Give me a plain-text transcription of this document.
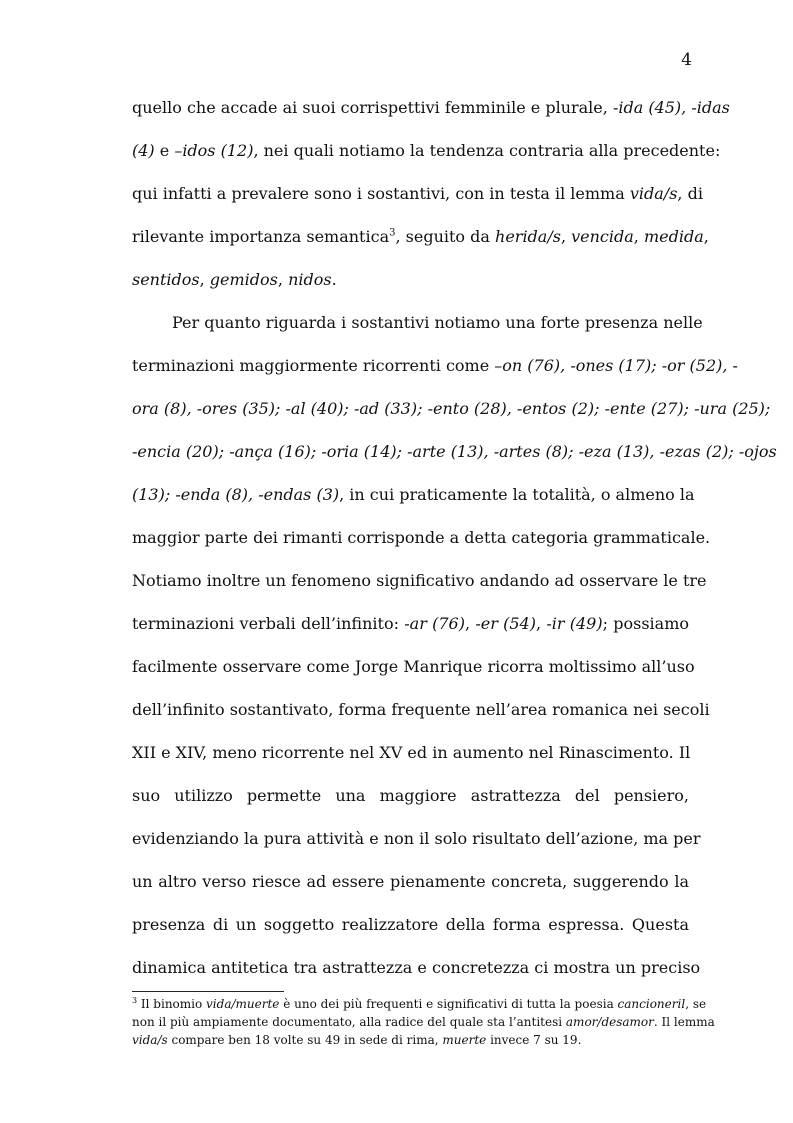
4
quello che accade ai suoi corrispettivi femminile e plurale, -ida (45), -idas
(4) e –idos (12), nei quali notiamo la tendenza contraria alla precedente:
qui infatti a prevalere sono i sostantivi, con in testa il lemma vida/s, di
rilevante importanza semantica$^3$, seguito da herida/s, vencida, medida,
sentidos, gemidos, nidos.
Per quanto riguarda i sostantivi notiamo una forte presenza nelle
terminazioni maggiormente ricorrenti come –on (76), -ones (17); -or (52), -
ora (8), -ores (35); -al (40); -ad (33); -ento (28), -entos (2); -ente (27); -ura (25);
-encia (20); -ança (16); -oria (14); -arte (13), -artes (8); -eza (13), -ezas (2); -ojos
(13); -enda (8), -endas (3), in cui praticamente la totalità, o almeno la
maggior parte dei rimanti corrisponde a detta categoria grammaticale.
Notiamo inoltre un fenomeno significativo andando ad osservare le tre
terminazioni verbali dell’infinito: -ar (76), -er (54), -ir (49); possiamo
facilmente osservare come Jorge Manrique ricorra moltissimo all’uso
dell’infinito sostantivato, forma frequente nell’area romanica nei secoli
XII e XIV, meno ricorrente nel XV ed in aumento nel Rinascimento. Il
suo utilizzo permette una maggiore astrattezza del pensiero,
evidenziando la pura attività e non il solo risultato dell’azione, ma per
un altro verso riesce ad essere pienamente concreta, suggerendo la
presenza di un soggetto realizzatore della forma espressa. Questa
dinamica antitetica tra astrattezza e concretezza ci mostra un preciso
$^3$ Il binomio vida/muerte è uno dei più frequenti e significativi di tutta la poesia cancioneril, se
non il più ampiamente documentato, alla radice del quale sta l’antitesi amor/desamor. Il lemma
vida/s compare ben 18 volte su 49 in sede di rima, muerte invece 7 su 19.
